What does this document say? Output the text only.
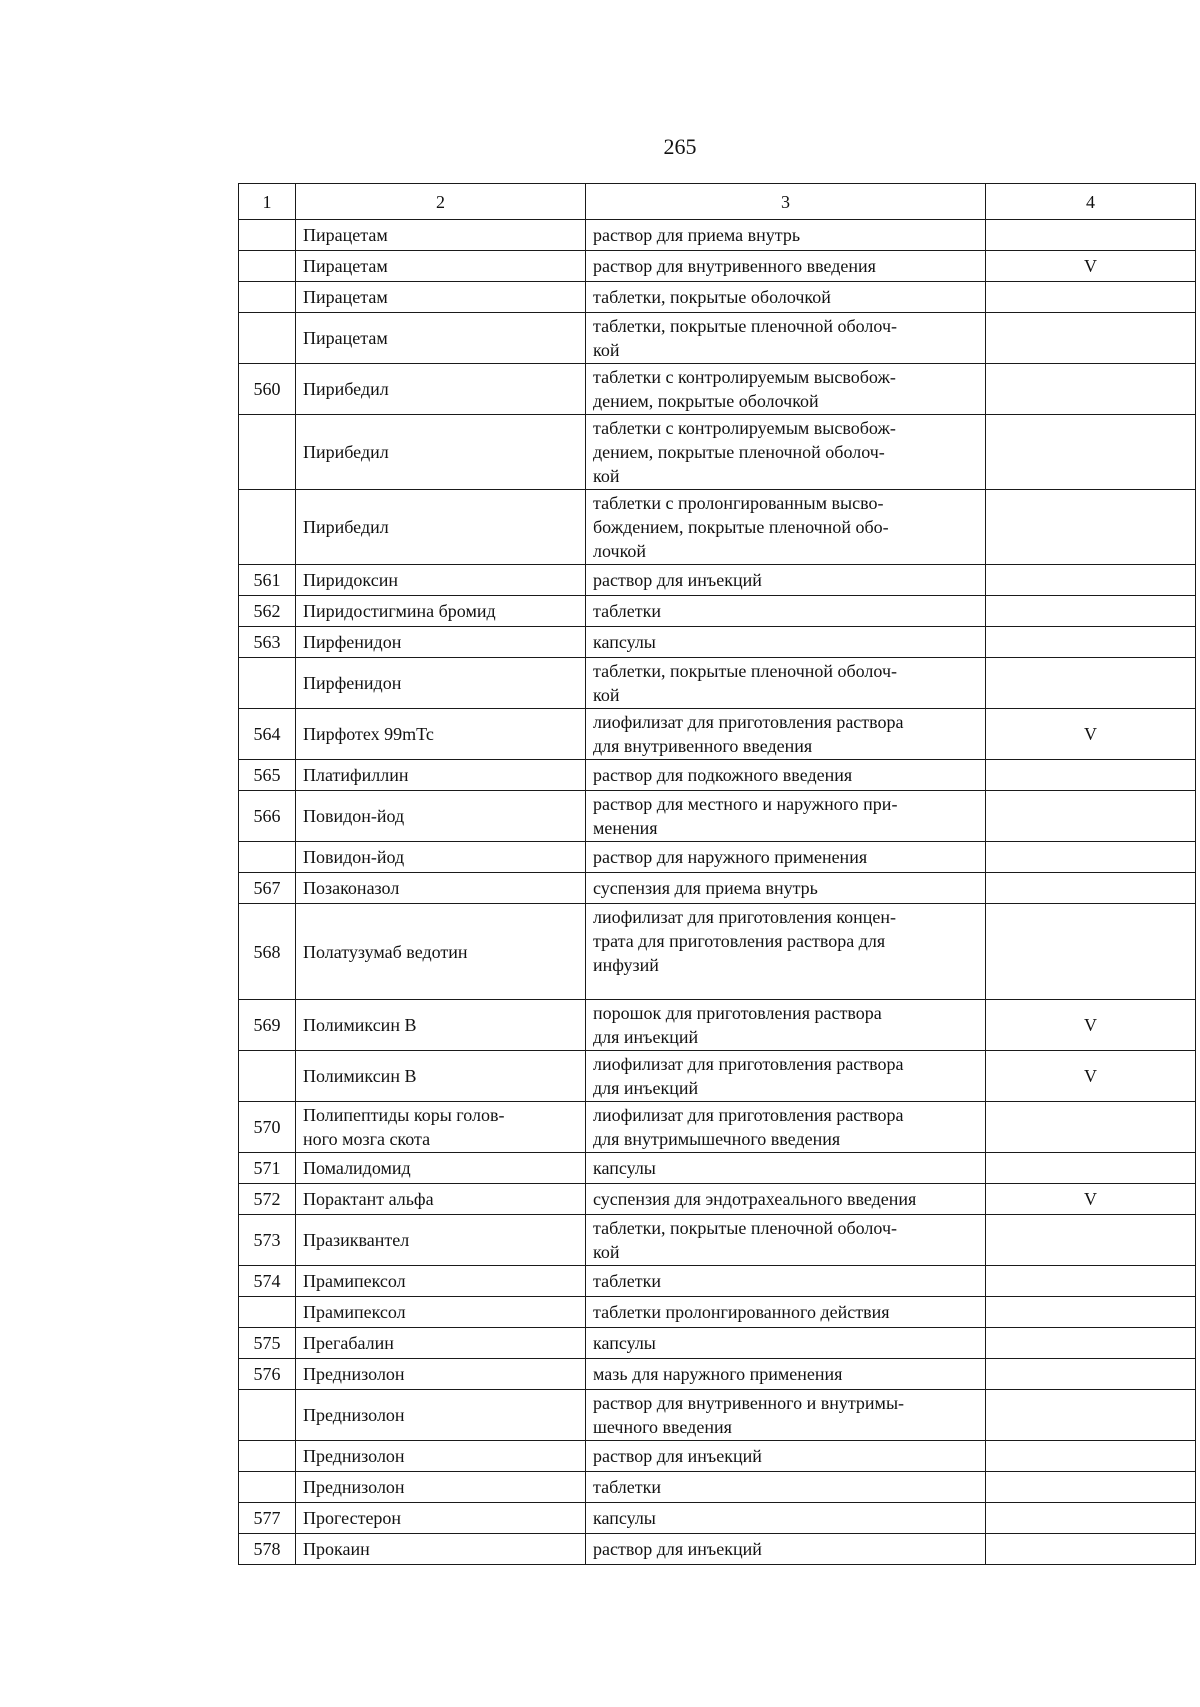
265
1	2	3	4
	Пирацетам	раствор для приема внутрь	
	Пирацетам	раствор для внутривенного введения	V
	Пирацетам	таблетки, покрытые оболочкой	
	Пирацетам	таблетки, покрытые пленочной оболоч-
кой	
560	Пирибедил	таблетки с контролируемым высвобож-
дением, покрытые оболочкой	
	Пирибедил	таблетки с контролируемым высвобож-
дением, покрытые пленочной оболоч-
кой	
	Пирибедил	таблетки с пролонгированным высво-
бождением, покрытые пленочной обо-
лочкой	
561	Пиридоксин	раствор для инъекций	
562	Пиридостигмина бромид	таблетки	
563	Пирфенидон	капсулы	
	Пирфенидон	таблетки, покрытые пленочной оболоч-
кой	
564	Пирфотех 99mTc	лиофилизат для приготовления раствора
для внутривенного введения	V
565	Платифиллин	раствор для подкожного введения	
566	Повидон-йод	раствор для местного и наружного при-
менения	
	Повидон-йод	раствор для наружного применения	
567	Позаконазол	суспензия для приема внутрь	
568	Полатузумаб ведотин	лиофилизат для приготовления концен-
трата для приготовления раствора для
инфузий	
569	Полимиксин B	порошок для приготовления раствора
для инъекций	V
	Полимиксин B	лиофилизат для приготовления раствора
для инъекций	V
570	Полипептиды коры голов-
ного мозга скота	лиофилизат для приготовления раствора
для внутримышечного введения	
571	Помалидомид	капсулы	
572	Порактант альфа	суспензия для эндотрахеального введения	V
573	Празиквантел	таблетки, покрытые пленочной оболоч-
кой	
574	Прамипексол	таблетки	
	Прамипексол	таблетки пролонгированного действия	
575	Прегабалин	капсулы	
576	Преднизолон	мазь для наружного применения	
	Преднизолон	раствор для внутривенного и внутримы-
шечного введения	
	Преднизолон	раствор для инъекций	
	Преднизолон	таблетки	
577	Прогестерон	капсулы	
578	Прокаин	раствор для инъекций	
